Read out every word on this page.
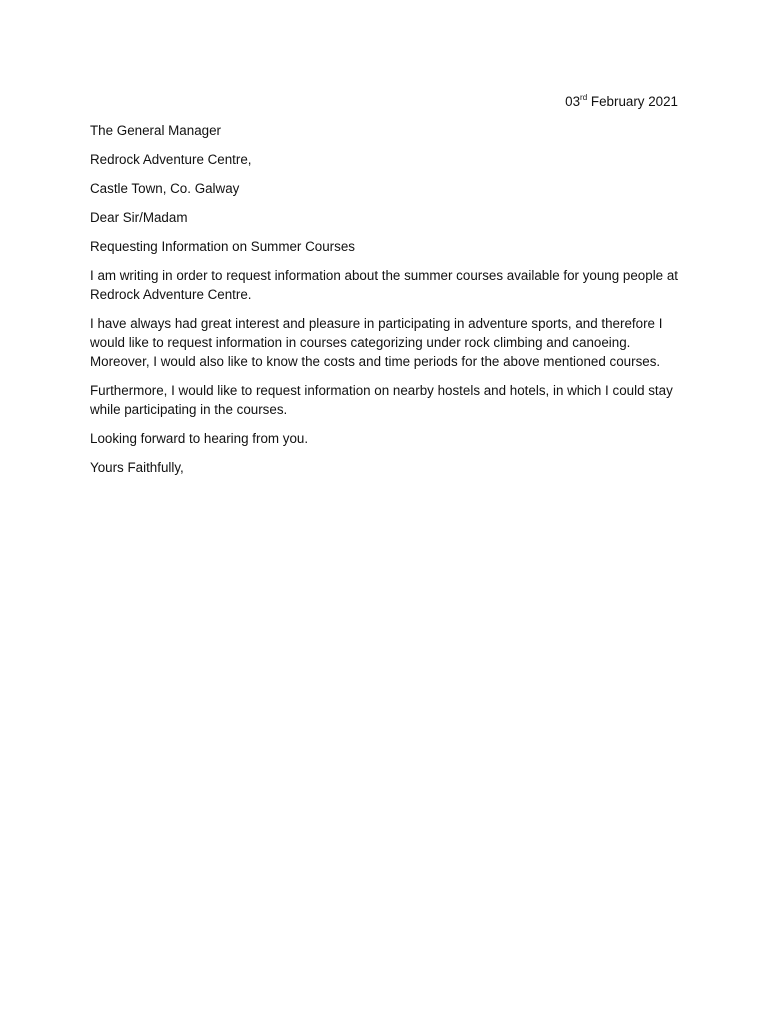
03rd February 2021
The General Manager
Redrock Adventure Centre,
Castle Town, Co. Galway
Dear Sir/Madam
Requesting Information on Summer Courses
I am writing in order to request information about the summer courses available for young people at Redrock Adventure Centre.
I have always had great interest and pleasure in participating in adventure sports, and therefore I would like to request information in courses categorizing under rock climbing and canoeing. Moreover, I would also like to know the costs and time periods for the above mentioned courses.
Furthermore, I would like to request information on nearby hostels and hotels, in which I could stay while participating in the courses.
Looking forward to hearing from you.
Yours Faithfully,
